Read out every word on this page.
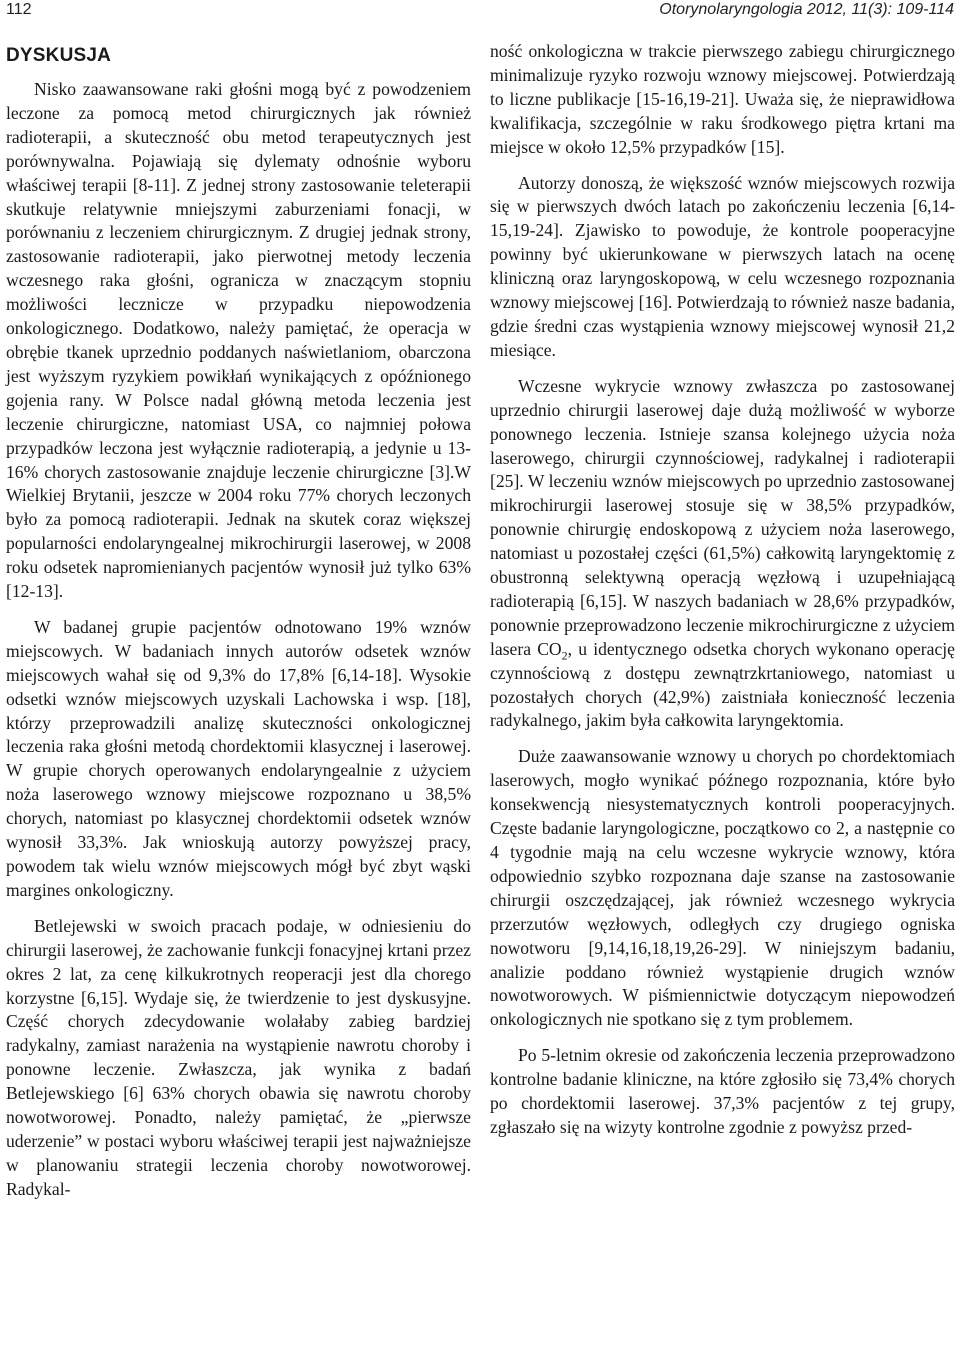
112	Otorynolaryngologia 2012, 11(3): 109-114
DYSKUSJA

Nisko zaawansowane raki głośni mogą być z powodzeniem leczone za pomocą metod chirurgicznych jak również radioterapii, a skuteczność obu metod terapeutycznych jest porównywalna. Pojawiają się dylematy odnośnie wyboru właściwej terapii [8-11]. Z jednej strony zastosowanie teleterapii skutkuje relatywnie mniejszymi zaburzeniami fonacji, w porównaniu z leczeniem chirurgicznym. Z drugiej jednak strony, zastosowanie radioterapii, jako pierwotnej metody leczenia wczesnego raka głośni, ogranicza w znaczącym stopniu możliwości lecznicze w przypadku niepowodzenia onkologicznego. Dodatkowo, należy pamiętać, że operacja w obrębie tkanek uprzednio poddanych naświetlaniom, obarczona jest wyższym ryzykiem powikłań wynikających z opóźnionego gojenia rany. W Polsce nadal główną metoda leczenia jest leczenie chirurgiczne, natomiast USA, co najmniej połowa przypadków leczona jest wyłącznie radioterapią, a jedynie u 13-16% chorych zastosowanie znajduje leczenie chirurgiczne [3].W Wielkiej Brytanii, jeszcze w 2004 roku 77% chorych leczonych było za pomocą radioterapii. Jednak na skutek coraz większej popularności endolaryngealnej mikrochirurgii laserowej, w 2008 roku odsetek napromienianych pacjentów wynosił już tylko 63% [12-13].

W badanej grupie pacjentów odnotowano 19% wznów miejscowych. W badaniach innych autorów odsetek wznów miejscowych wahał się od 9,3% do 17,8% [6,14-18]. Wysokie odsetki wznów miejscowych uzyskali Lachowska i wsp. [18], którzy przeprowadzili analizę skuteczności onkologicznej leczenia raka głośni metodą chordektomii klasycznej i laserowej. W grupie chorych operowanych endolaryngealnie z użyciem noża laserowego wznowy miejscowe rozpoznano u 38,5% chorych, natomiast po klasycznej chordektomii odsetek wznów wynosił 33,3%. Jak wnioskują autorzy powyższej pracy, powodem tak wielu wznów miejscowych mógł być zbyt wąski margines onkologiczny.

Betlejewski w swoich pracach podaje, w odniesieniu do chirurgii laserowej, że zachowanie funkcji fonacyjnej krtani przez okres 2 lat, za cenę kilkukrotnych reoperacji jest dla chorego korzystne [6,15]. Wydaje się, że twierdzenie to jest dyskusyjne. Część chorych zdecydowanie wolałaby zabieg bardziej radykalny, zamiast narażenia na wystąpienie nawrotu choroby i ponowne leczenie. Zwłaszcza, jak wynika z badań Betlejewskiego [6] 63% chorych obawia się nawrotu choroby nowotworowej. Ponadto, należy pamiętać, że „pierwsze uderzenie” w postaci wyboru właściwej terapii jest najważniejsze w planowaniu strategii leczenia choroby nowotworowej. Radykal-

ność onkologiczna w trakcie pierwszego zabiegu chirurgicznego minimalizuje ryzyko rozwoju wznowy miejscowej. Potwierdzają to liczne publikacje [15-16,19-21]. Uważa się, że nieprawidłowa kwalifikacja, szczególnie w raku środkowego piętra krtani ma miejsce w około 12,5% przypadków [15].

Autorzy donoszą, że większość wznów miejscowych rozwija się w pierwszych dwóch latach po zakończeniu leczenia [6,14-15,19-24]. Zjawisko to powoduje, że kontrole pooperacyjne powinny być ukierunkowane w pierwszych latach na ocenę kliniczną oraz laryngoskopową, w celu wczesnego rozpoznania wznowy miejscowej [16]. Potwierdzają to również nasze badania, gdzie średni czas wystąpienia wznowy miejscowej wynosił 21,2 miesiące.

Wczesne wykrycie wznowy zwłaszcza po zastosowanej uprzednio chirurgii laserowej daje dużą możliwość w wyborze ponownego leczenia. Istnieje szansa kolejnego użycia noża laserowego, chirurgii czynnościowej, radykalnej i radioterapii [25]. W leczeniu wznów miejscowych po uprzednio zastosowanej mikrochirurgii laserowej stosuje się w 38,5% przypadków, ponownie chirurgię endoskopową z użyciem noża laserowego, natomiast u pozostałej części (61,5%) całkowitą laryngektomię z obustronną selektywną operacją węzłową i uzupełniającą radioterapią [6,15]. W naszych badaniach w 28,6% przypadków, ponownie przeprowadzono leczenie mikrochirurgiczne z użyciem lasera $CO_2$, u identycznego odsetka chorych wykonano operację czynnościową z dostępu zewnątrzkrtaniowego, natomiast u pozostałych chorych (42,9%) zaistniała konieczność leczenia radykalnego, jakim była całkowita laryngektomia.

Duże zaawansowanie wznowy u chorych po chordektomiach laserowych, mogło wynikać późnego rozpoznania, które było konsekwencją niesystematycznych kontroli pooperacyjnych. Częste badanie laryngologiczne, początkowo co 2, a następnie co 4 tygodnie mają na celu wczesne wykrycie wznowy, która odpowiednio szybko rozpoznana daje szanse na zastosowanie chirurgii oszczędzającej, jak również wczesnego wykrycia przerzutów węzłowych, odległych czy drugiego ogniska nowotworu [9,14,16,18,19,26-29]. W niniejszym badaniu, analizie poddano również wystąpienie drugich wznów nowotworowych. W piśmiennictwie dotyczącym niepowodzeń onkologicznych nie spotkano się z tym problemem.

Po 5-letnim okresie od zakończenia leczenia przeprowadzono kontrolne badanie kliniczne, na które zgłosiło się 73,4% chorych po chordektomii laserowej. 37,3% pacjentów z tej grupy, zgłaszało się na wizyty kontrolne zgodnie z powyższ przed-
